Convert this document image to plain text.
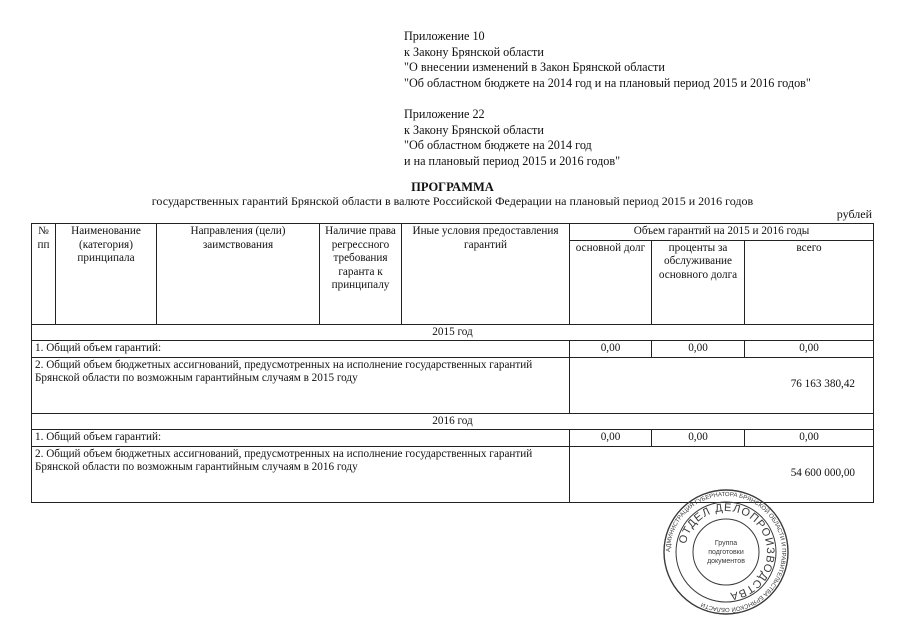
Приложение 10
к Закону Брянской области
"О внесении изменений в Закон Брянской области
"Об областном бюджете на 2014 год и на плановый период 2015 и 2016 годов"
Приложение 22
к Закону Брянской области
"Об областном бюджете на 2014 год
и на плановый период 2015 и 2016 годов"
ПРОГРАММА
государственных гарантий Брянской области в валюте Российской Федерации на плановый период 2015 и 2016 годов
рублей
№ пп	Наименование (категория) принципала	Направления (цели) заимствования	Наличие права регрессного требования гаранта к принципалу	Иные условия предоставления гарантий	Объем гарантий на 2015 и 2016 годы		
					основной долг	проценты за обслуживание основного долга	всего
2015 год							
1. Общий объем гарантий:					0,00	0,00	0,00
2. Общий объем бюджетных ассигнований, предусмотренных на исполнение государственных гарантий Брянской области по возможным гарантийным случаям в 2015 году					76 163 380,42		
2016 год							
1. Общий объем гарантий:					0,00	0,00	0,00
2. Общий объем бюджетных ассигнований, предусмотренных на исполнение государственных гарантий Брянской области по возможным гарантийным случаям в 2016 году					54 600 000,00		
АДМИНИСТРАЦИЯ ГУБЕРНАТОРА БРЯНСКОЙ ОБЛАСТИ И ПРАВИТЕЛЬСТВА БРЯНСКОЙ ОБЛАСТИ
ОТДЕЛ ДЕЛОПРОИЗВОДСТВА
Группа
подготовки
документов
